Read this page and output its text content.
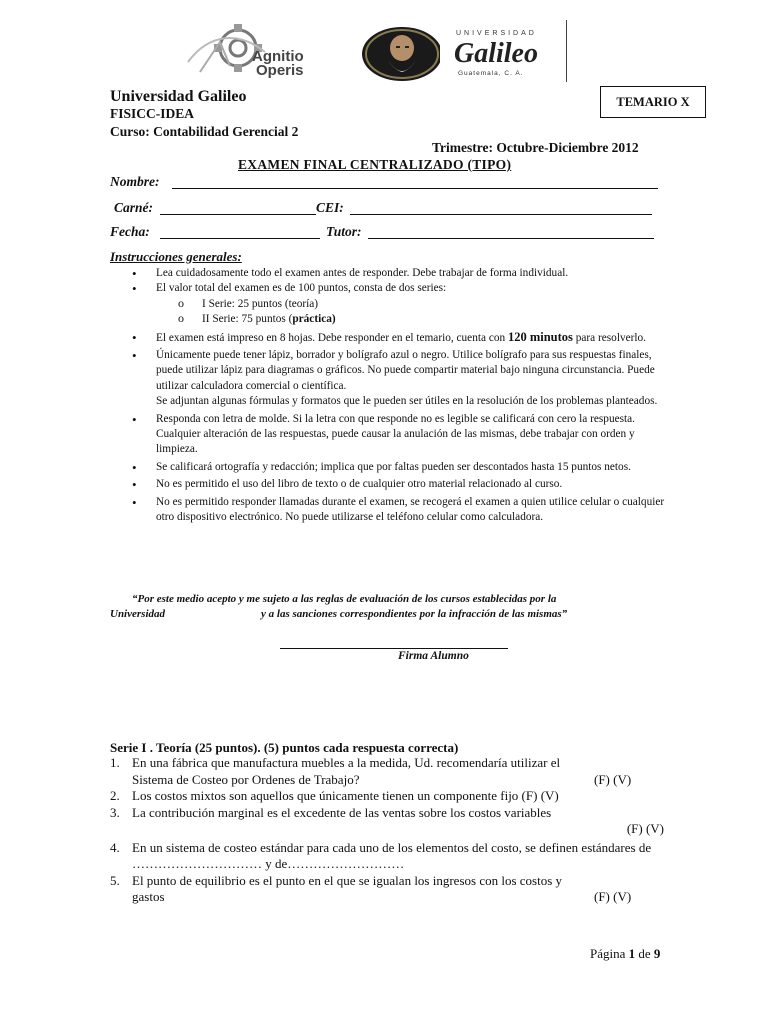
Agnitio
Operis
UNIVERSIDAD
Galileo
Guatemala, C. A.
Universidad Galileo
FISICC-IDEA
Curso: Contabilidad Gerencial 2
TEMARIO X
Trimestre: Octubre-Diciembre 2012
EXAMEN FINAL CENTRALIZADO (TIPO)
Nombre:
Carné:	CEI:
Fecha:	Tutor:
Instrucciones generales:
• Lea cuidadosamente todo el examen antes de responder. Debe trabajar de forma individual.
• El valor total del examen es de 100 puntos, consta de dos series:
o I Serie: 25 puntos (teoría)
o II Serie: 75 puntos (práctica)
• El examen está impreso en 8 hojas. Debe responder en el temario, cuenta con 120 minutos para resolverlo.
• Únicamente puede tener lápiz, borrador y bolígrafo azul o negro. Utilice bolígrafo para sus respuestas finales, puede utilizar lápiz para diagramas o gráficos. No puede compartir material bajo ninguna circunstancia. Puede utilizar calculadora comercial o científica.
Se adjuntan algunas fórmulas y formatos que le pueden ser útiles en la resolución de los problemas planteados.
• Responda con letra de molde. Si la letra con que responde no es legible se calificará con cero la respuesta. Cualquier alteración de las respuestas, puede causar la anulación de las mismas, debe trabajar con orden y limpieza.
• Se calificará ortografía y redacción; implica que por faltas pueden ser descontados hasta 15 puntos netos.
• No es permitido el uso del libro de texto o de cualquier otro material relacionado al curso.
• No es permitido responder llamadas durante el examen, se recogerá el examen a quien utilice celular o cualquier otro dispositivo electrónico. No puede utilizarse el teléfono celular como calculadora.
“Por este medio acepto y me sujeto a las reglas de evaluación de los cursos establecidas por la
Universidad	y a las sanciones correspondientes por la infracción de las mismas”
Firma Alumno
Serie I . Teoría (25 puntos). (5) puntos cada respuesta correcta)
1. En una fábrica que manufactura muebles a la medida, Ud. recomendaría utilizar el
Sistema de Costeo por Ordenes de Trabajo?	(F) (V)
2. Los costos mixtos son aquellos que únicamente tienen un componente fijo (F) (V)
3. La contribución marginal es el excedente de las ventas sobre los costos variables
(F) (V)
4. En un sistema de costeo estándar para cada uno de los elementos del costo, se definen estándares de ………………………… y de………………………
5. El punto de equilibrio es el punto en el que se igualan los ingresos con los costos y
gastos	(F) (V)
Página 1 de 9
